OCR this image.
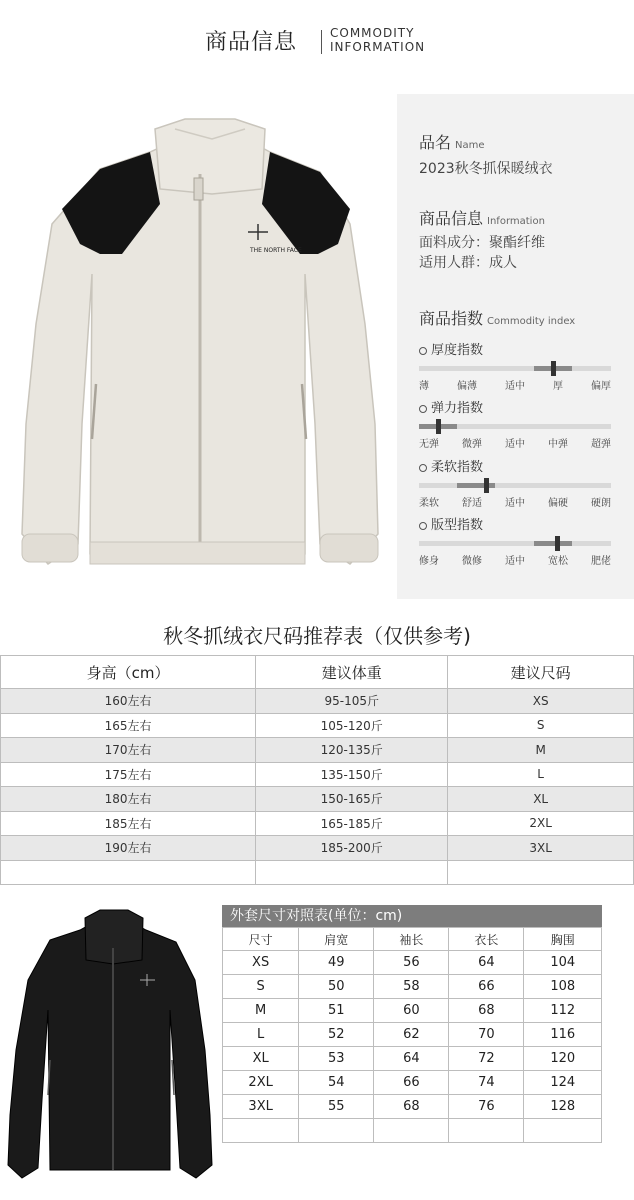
商品信息	COMMODITY
INFORMATION
THE NORTH FACE
品名 Name
2023秋冬抓保暖绒衣
商品信息 Information
面料成分：聚酯纤维
适用人群：成人
商品指数 Commodity index
厚度指数
薄	偏薄	适中	厚	偏厚
弹力指数
无弹 微弹 适中 中弹 超弹
柔软指数
柔软 舒适 适中 偏硬 硬朗
版型指数
修身 微修 适中 宽松 肥佬
秋冬抓绒衣尺码推荐表（仅供参考)
身高（cm）	建议体重	建议尺码
160左右	95-105斤	XS
165左右	105-120斤	S
170左右	120-135斤	M
175左右	135-150斤	L
180左右	150-165斤	XL
185左右	165-185斤	2XL
190左右	185-200斤	3XL

外套尺寸对照表(单位：cm)
尺寸	肩宽	袖长	衣长	胸围
XS	49	56	64	104
S	50	58	66	108
M	51	60	68	112
L	52	62	70	116
XL	53	64	72	120
2XL	54	66	74	124
3XL	55	68	76	128
